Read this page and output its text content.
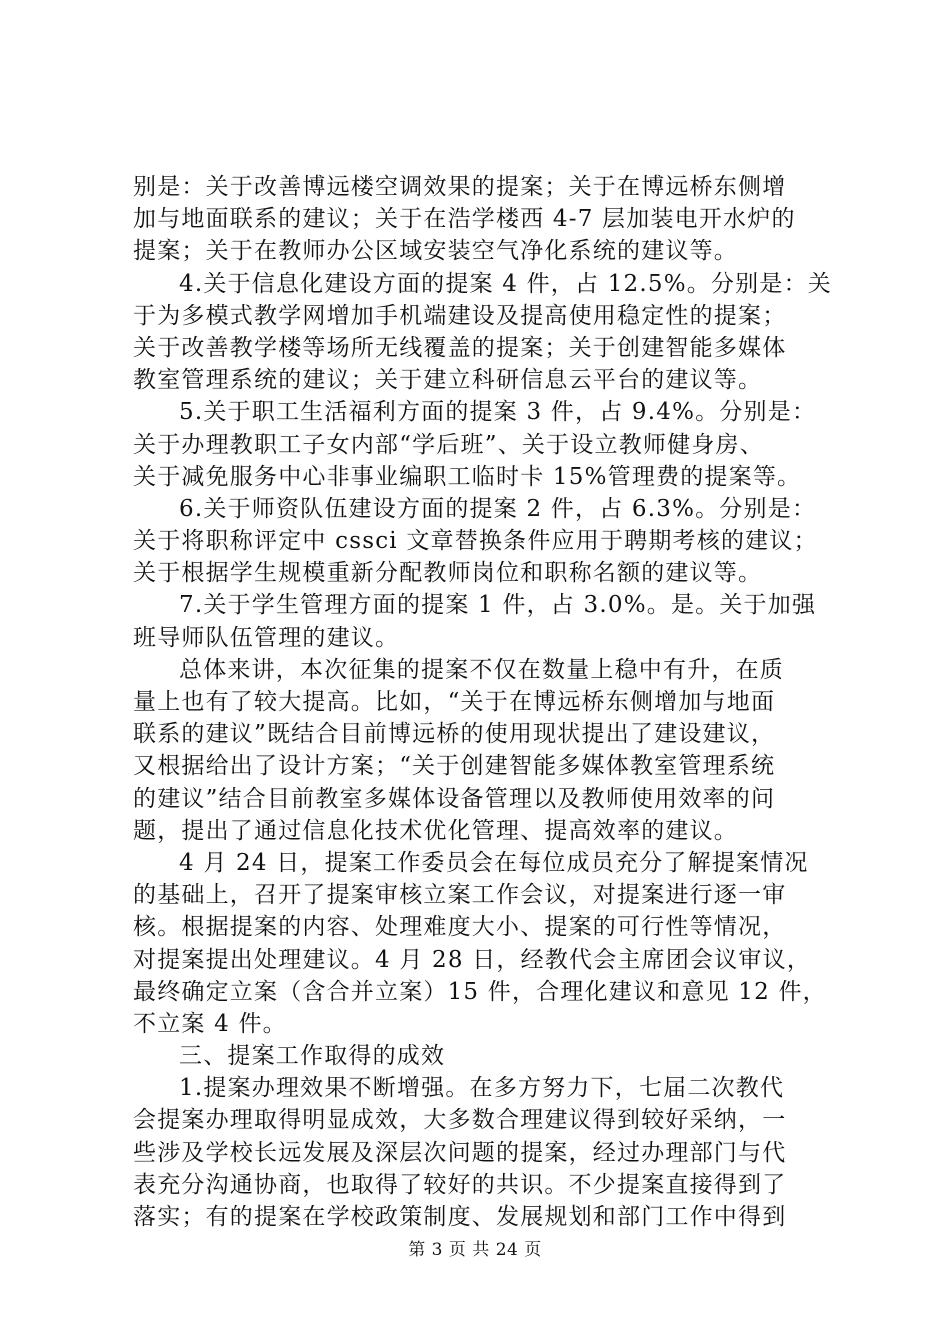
别是：关于改善博远楼空调效果的提案；关于在博远桥东侧增
加与地面联系的建议；关于在浩学楼西 4-7 层加装电开水炉的
提案；关于在教师办公区域安装空气净化系统的建议等。
4.关于信息化建设方面的提案 4 件，占 12.5%。分别是：关
于为多模式教学网增加手机端建设及提高使用稳定性的提案；
关于改善教学楼等场所无线覆盖的提案；关于创建智能多媒体
教室管理系统的建议；关于建立科研信息云平台的建议等。
5.关于职工生活福利方面的提案 3 件，占 9.4%。分别是：
关于办理教职工子女内部“学后班”、关于设立教师健身房、
关于减免服务中心非事业编职工临时卡 15%管理费的提案等。
6.关于师资队伍建设方面的提案 2 件，占 6.3%。分别是：
关于将职称评定中 cssci 文章替换条件应用于聘期考核的建议；
关于根据学生规模重新分配教师岗位和职称名额的建议等。
7.关于学生管理方面的提案 1 件，占 3.0%。是。关于加强
班导师队伍管理的建议。
总体来讲，本次征集的提案不仅在数量上稳中有升，在质
量上也有了较大提高。比如，“关于在博远桥东侧增加与地面
联系的建议”既结合目前博远桥的使用现状提出了建设建议，
又根据给出了设计方案；“关于创建智能多媒体教室管理系统
的建议”结合目前教室多媒体设备管理以及教师使用效率的问
题，提出了通过信息化技术优化管理、提高效率的建议。
4 月 24 日，提案工作委员会在每位成员充分了解提案情况
的基础上，召开了提案审核立案工作会议，对提案进行逐一审
核。根据提案的内容、处理难度大小、提案的可行性等情况，
对提案提出处理建议。4 月 28 日，经教代会主席团会议审议，
最终确定立案（含合并立案）15 件，合理化建议和意见 12 件，
不立案 4 件。
三、提案工作取得的成效
1.提案办理效果不断增强。在多方努力下，七届二次教代
会提案办理取得明显成效，大多数合理建议得到较好采纳，一
些涉及学校长远发展及深层次问题的提案，经过办理部门与代
表充分沟通协商，也取得了较好的共识。不少提案直接得到了
落实；有的提案在学校政策制度、发展规划和部门工作中得到
第 3 页 共 24 页
